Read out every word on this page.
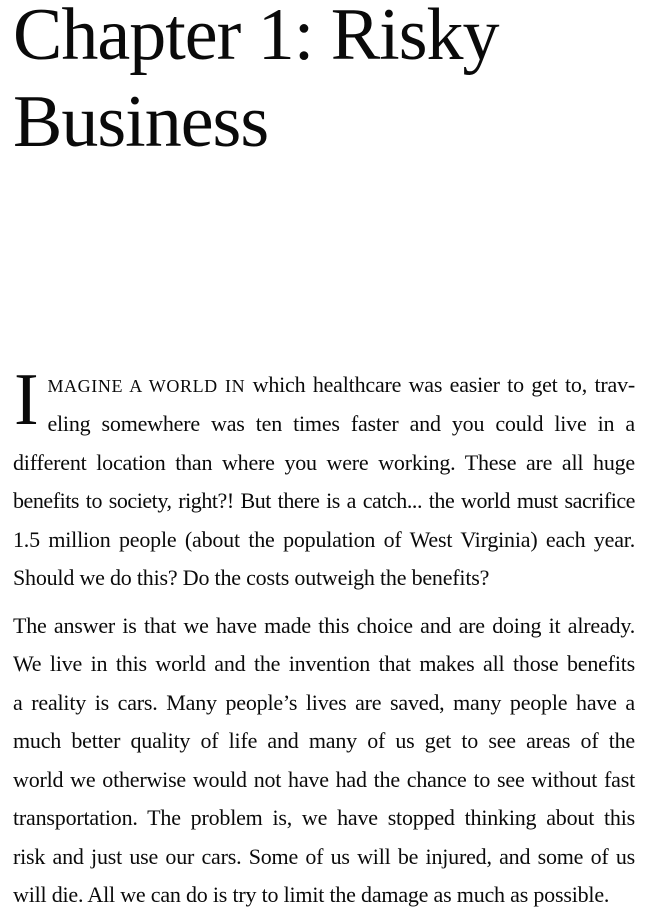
Chapter 1: Risky
Business
I MAGINE A WORLD IN which healthcare was easier to get to, trav-
eling somewhere was ten times faster and you could live in a
different location than where you were working. These are all huge
benefits to society, right?! But there is a catch... the world must sacrifice
1.5 million people (about the population of West Virginia) each year.
Should we do this? Do the costs outweigh the benefits?
The answer is that we have made this choice and are doing it already.
We live in this world and the invention that makes all those benefits
a reality is cars. Many people’s lives are saved, many people have a
much better quality of life and many of us get to see areas of the
world we otherwise would not have had the chance to see without fast
transportation. The problem is, we have stopped thinking about this
risk and just use our cars. Some of us will be injured, and some of us
will die. All we can do is try to limit the damage as much as possible.
